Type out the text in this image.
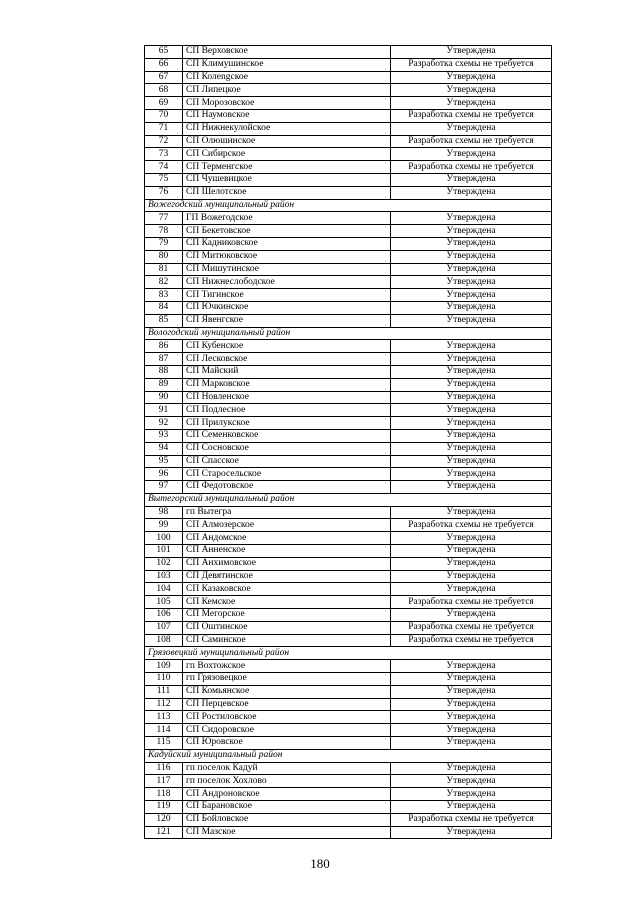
65	СП Верховское	Утверждена
66	СП Климушинское	Разработка схемы не требуется
67	СП Колengское	Утверждена
68	СП Липецкое	Утверждена
69	СП Морозовское	Утверждена
70	СП Наумовское	Разработка схемы не требуется
71	СП Нижнекулойское	Утверждена
72	СП Олюшинское	Разработка схемы не требуется
73	СП Сибирское	Утверждена
74	СП Терменгское	Разработка схемы не требуется
75	СП Чушевицкое	Утверждена
76	СП Шелотское	Утверждена
Вожегодский муниципальный район		
77	ГП Вожегодское	Утверждена
78	СП Бекетовское	Утверждена
79	СП Кадниковское	Утверждена
80	СП Митюковское	Утверждена
81	СП Мишутинское	Утверждена
82	СП Нижнеслободское	Утверждена
83	СП Тигинское	Утверждена
84	СП Ючкинское	Утверждена
85	СП Явенгское	Утверждена
Вологодский муниципальный район		
86	СП Кубенское	Утверждена
87	СП Лесковское	Утверждена
88	СП Майский	Утверждена
89	СП Марковское	Утверждена
90	СП Новленское	Утверждена
91	СП Подлесное	Утверждена
92	СП Прилукское	Утверждена
93	СП Семенковское	Утверждена
94	СП Сосновское	Утверждена
95	СП Спасское	Утверждена
96	СП Старосельское	Утверждена
97	СП Федотовское	Утверждена
Вытегорский муниципальный район		
98	гп Вытегра	Утверждена
99	СП Алмозерское	Разработка схемы не требуется
100	СП Андомское	Утверждена
101	СП Анненское	Утверждена
102	СП Анхимовское	Утверждена
103	СП Девятинское	Утверждена
104	СП Казаковское	Утверждена
105	СП Кемское	Разработка схемы не требуется
106	СП Мегорское	Утверждена
107	СП Оштинское	Разработка схемы не требуется
108	СП Саминское	Разработка схемы не требуется
Грязовецкий муниципальный район		
109	гп Вохтожское	Утверждена
110	гп Грязовецкое	Утверждена
111	СП Комьянское	Утверждена
112	СП Перцевское	Утверждена
113	СП Ростиловское	Утверждена
114	СП Сидоровское	Утверждена
115	СП Юровское	Утверждена
Кадуйский муниципальный район		
116	гп поселок Кадуй	Утверждена
117	гп поселок Хохлово	Утверждена
118	СП Андроновское	Утверждена
119	СП Барановское	Утверждена
120	СП Бойловское	Разработка схемы не требуется
121	СП Мазское	Утверждена
180
